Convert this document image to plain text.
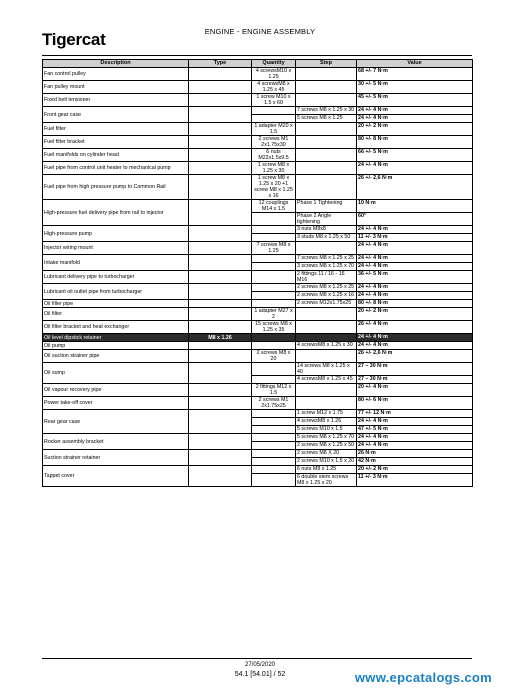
Tigercat	ENGINE - ENGINE ASSEMBLY
Description	Type	Quantity	Step	Value
Fan control pulley		4 screwsM10 x 1.25		68 +/- 7 N·m
Fan pulley mount		4 screwsM8 x 1.25 x 45		30 +/- 5 N·m
Fixed belt tensioner		1 screw M10 x 1.5 x 60		45 +/- 5 N·m
Front gear case			7 screws M8 x 1.25 x 30	24 +/- 4 N·m
			5 screws M8 x 1.25	24 +/- 4 N·m
Fuel filter		1 adapter M20 x 1.5		20 +/- 2 N·m
Fuel filter bracket		2 screws M1 2x1.75x30		80 +/- 8 N·m
Fuel manifolds on cylinder head		6 nuts M22x1.5x9.5		66 +/- 5 N·m
Fuel pipe from control unit heater to mechanical pump		1 screw M8 x 1.25 x 30		24 +/- 4 N·m
Fuel pipe from high pressure pump to Common Rail		1 screw M8 x 1.25 x 20 +1 screw M8 x 1.25 x 16		26 +/- 2,6 N·m
High-pressure fuel delivery pipe from rail to injector		12 couplings M14 x 1.5	Phase 1 Tightening	10 N·m
			Phase 2 Angle tightening	60°
High-pressure pump			3 nuts M8x8	24 +/- 4 N·m
			3 studs M8 x 1.25 x 50	11 +/- 3 N·m
Injector wiring mount		7 screws M8 x 1.25		24 +/- 4 N·m
Intake manifold			7 screws M8 x 1.25 x 25	24 +/- 4 N·m
			3 screws M8 x 1.25 x 70	24 +/- 4 N·m
Lubricant delivery pipe to turbocharger			2 fittings 11 / 16 - 16 M16	36 +/- 5 N·m
Lubricant oil outlet pipe from turbocharger			2 screws M8 x 1.25 x 25	24 +/- 4 N·m
			2 screws M8 x 1.25 x 16	24 +/- 4 N·m
Oil filler pipe			2 screws M12x1.75x25	80 +/- 8 N·m
Oil filter		1 adapter M27 x 2		20 +/- 2 N·m
Oil filter bracket and heat exchanger		15 screws M8 x 1.25 x 35		26 +/- 4 N·m
Oil level dipstick retainer	M8 x 1.26			24 +/- 4 N·m
Oil pump			4 screwsM8 x 1.25 x 30	24 +/- 4 N·m
Oil suction strainer pipe		2 screws M8 x 20		26 +/- 2,6 N·m
Oil sump			14 screws M8 x 1.25 x 40	27 – 30 N·m
			4 screwsM8 x 1.25 x 45	27 – 30 N·m
Oil vapour recovery pipe		2 fittings M12 x 1.5		20 +/- 4 N·m
Power take-off cover		2 screws M1 2x1.75x25		80 +/- 6 N·m
Rear gear case			1 screw M12 x 1.75	77 +/- 12 N·m
			4 screwsM8 x 1.26	24 +/- 4 N·m
			5 screws M10 x 1.5	47 +/- 5 N·m
Rocker assembly bracket			5 screws M8 x 1.25 x 70	24 +/- 4 N·m
			2 screws M8 x 1.25 x 50	24 +/- 4 N·m
Suction strainer retainer			2 screws M8 X 20	26 N·m
			2 screws M10 x 1.5 x 20	42 N·m
Tappet cover			6 nuts M8 x 1.25	20 +/- 2 N·m
			6 double stem screws M8 x 1.25 x 20	11 +/- 3 N·m
27/05/2020
54.1 [54.01] / 52	www.epcatalogs.com
